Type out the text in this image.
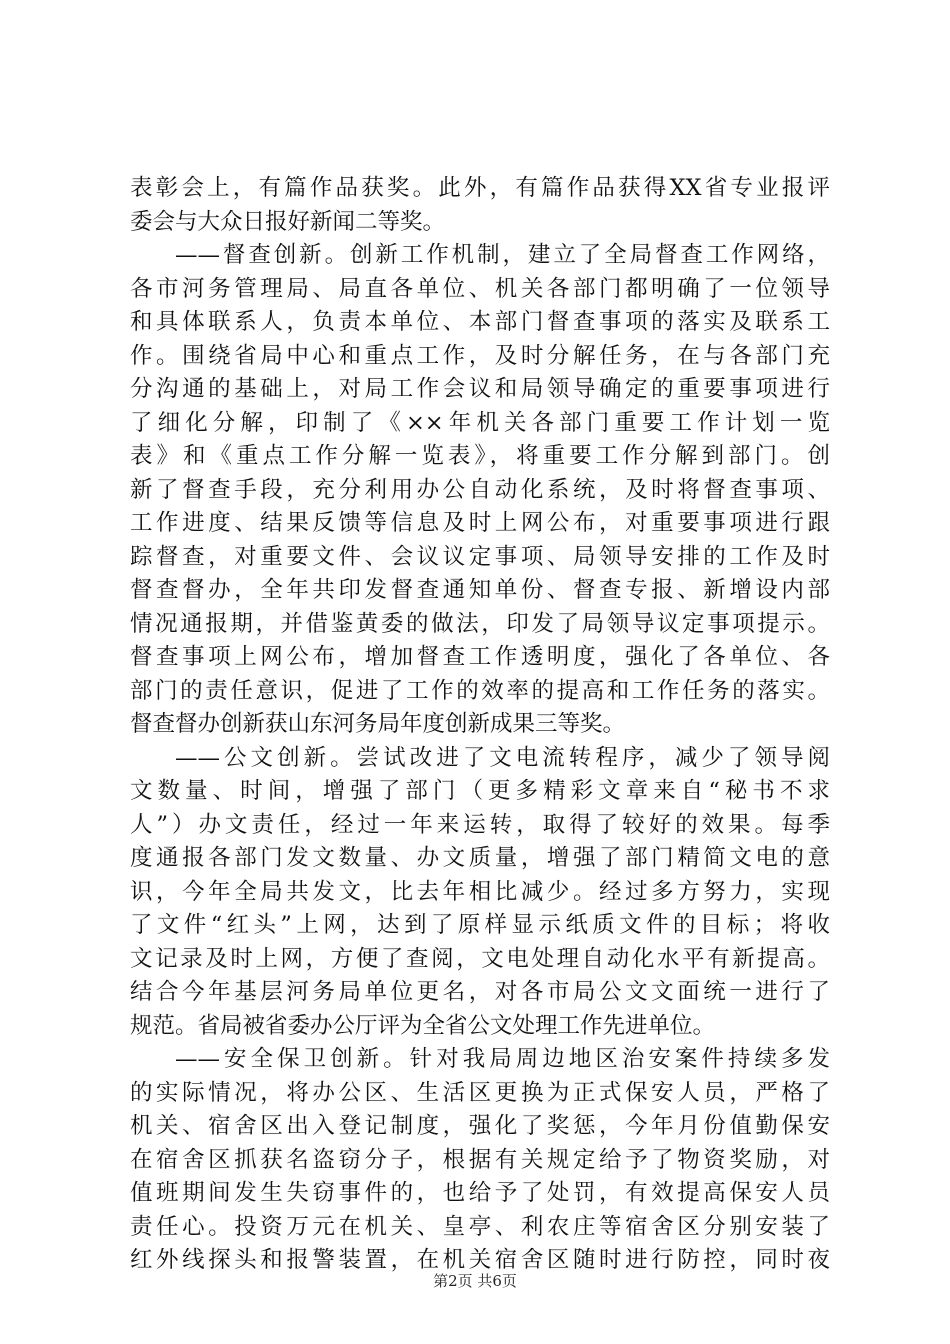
表彰会上，有篇作品获奖。此外，有篇作品获得XX省专业报评
委会与大众日报好新闻二等奖。
——督查创新。创新工作机制，建立了全局督查工作网络，
各市河务管理局、局直各单位、机关各部门都明确了一位领导
和具体联系人，负责本单位、本部门督查事项的落实及联系工
作。围绕省局中心和重点工作，及时分解任务，在与各部门充
分沟通的基础上，对局工作会议和局领导确定的重要事项进行
了细化分解，印制了《××年机关各部门重要工作计划一览
表》和《重点工作分解一览表》，将重要工作分解到部门。创
新了督查手段，充分利用办公自动化系统，及时将督查事项、
工作进度、结果反馈等信息及时上网公布，对重要事项进行跟
踪督查，对重要文件、会议议定事项、局领导安排的工作及时
督查督办，全年共印发督查通知单份、督查专报、新增设内部
情况通报期，并借鉴黄委的做法，印发了局领导议定事项提示。
督查事项上网公布，增加督查工作透明度，强化了各单位、各
部门的责任意识，促进了工作的效率的提高和工作任务的落实。
督查督办创新获山东河务局年度创新成果三等奖。
——公文创新。尝试改进了文电流转程序，减少了领导阅
文数量、时间，增强了部门（更多精彩文章来自“秘书不求
人”）办文责任，经过一年来运转，取得了较好的效果。每季
度通报各部门发文数量、办文质量，增强了部门精简文电的意
识，今年全局共发文，比去年相比减少。经过多方努力，实现
了文件“红头”上网，达到了原样显示纸质文件的目标；将收
文记录及时上网，方便了查阅，文电处理自动化水平有新提高。
结合今年基层河务局单位更名，对各市局公文文面统一进行了
规范。省局被省委办公厅评为全省公文处理工作先进单位。
——安全保卫创新。针对我局周边地区治安案件持续多发
的实际情况，将办公区、生活区更换为正式保安人员，严格了
机关、宿舍区出入登记制度，强化了奖惩，今年月份值勤保安
在宿舍区抓获名盗窃分子，根据有关规定给予了物资奖励，对
值班期间发生失窃事件的，也给予了处罚，有效提高保安人员
责任心。投资万元在机关、皇亭、利农庄等宿舍区分别安装了
红外线探头和报警装置，在机关宿舍区随时进行防控，同时夜
第2页 共6页
